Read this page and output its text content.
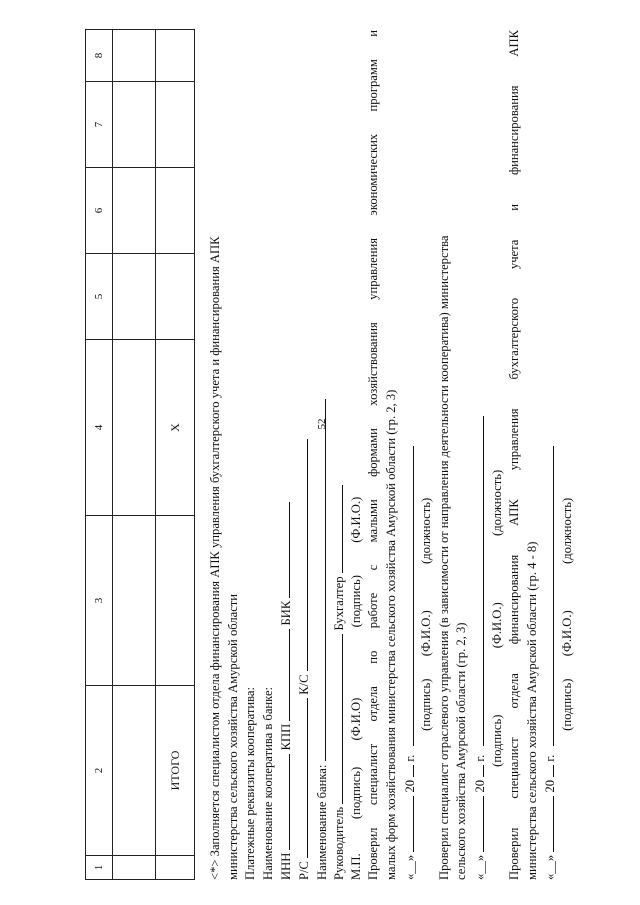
52
1	2	3	4	5	6	7	8

	ИТОГО		X				<*> Заполняется специалистом отдела финансирования АПК управления бухгалтерского учета и финансирования АПК министерства сельского хозяйства Амурской области Платежные реквизиты кооператива: Наименование кооператива в банке: ИНН  КПП  БИК
Р/С  К/С
Наименование банка: Руководитель  Бухгалтер
М.П.  (подпись)  (Ф.И.О)  (подпись)  (Ф.И.О.) Проверил специалист отдела по работе с малыми формами хозяйствования управления экономических программ и малых форм хозяйствования министерства сельского хозяйства Амурской области (гр. 2, 3) «__»  20  г.
(подпись)  (Ф.И.О.)  (должность) Проверил специалист отраслевого управления (в зависимости от направления деятельности кооператива) министерства сельского хозяйства Амурской области (гр. 2, 3) «__»  20  г. (подпись)  (Ф.И.О.)  (должность) Проверил специалист отдела финансирования АПК управления бухгалтерского учета и финансирования АПК министерства сельского хозяйства Амурской области (гр. 4 - 8) «__»  20  г.
(подпись)  (Ф.И.О.)  (должность)
